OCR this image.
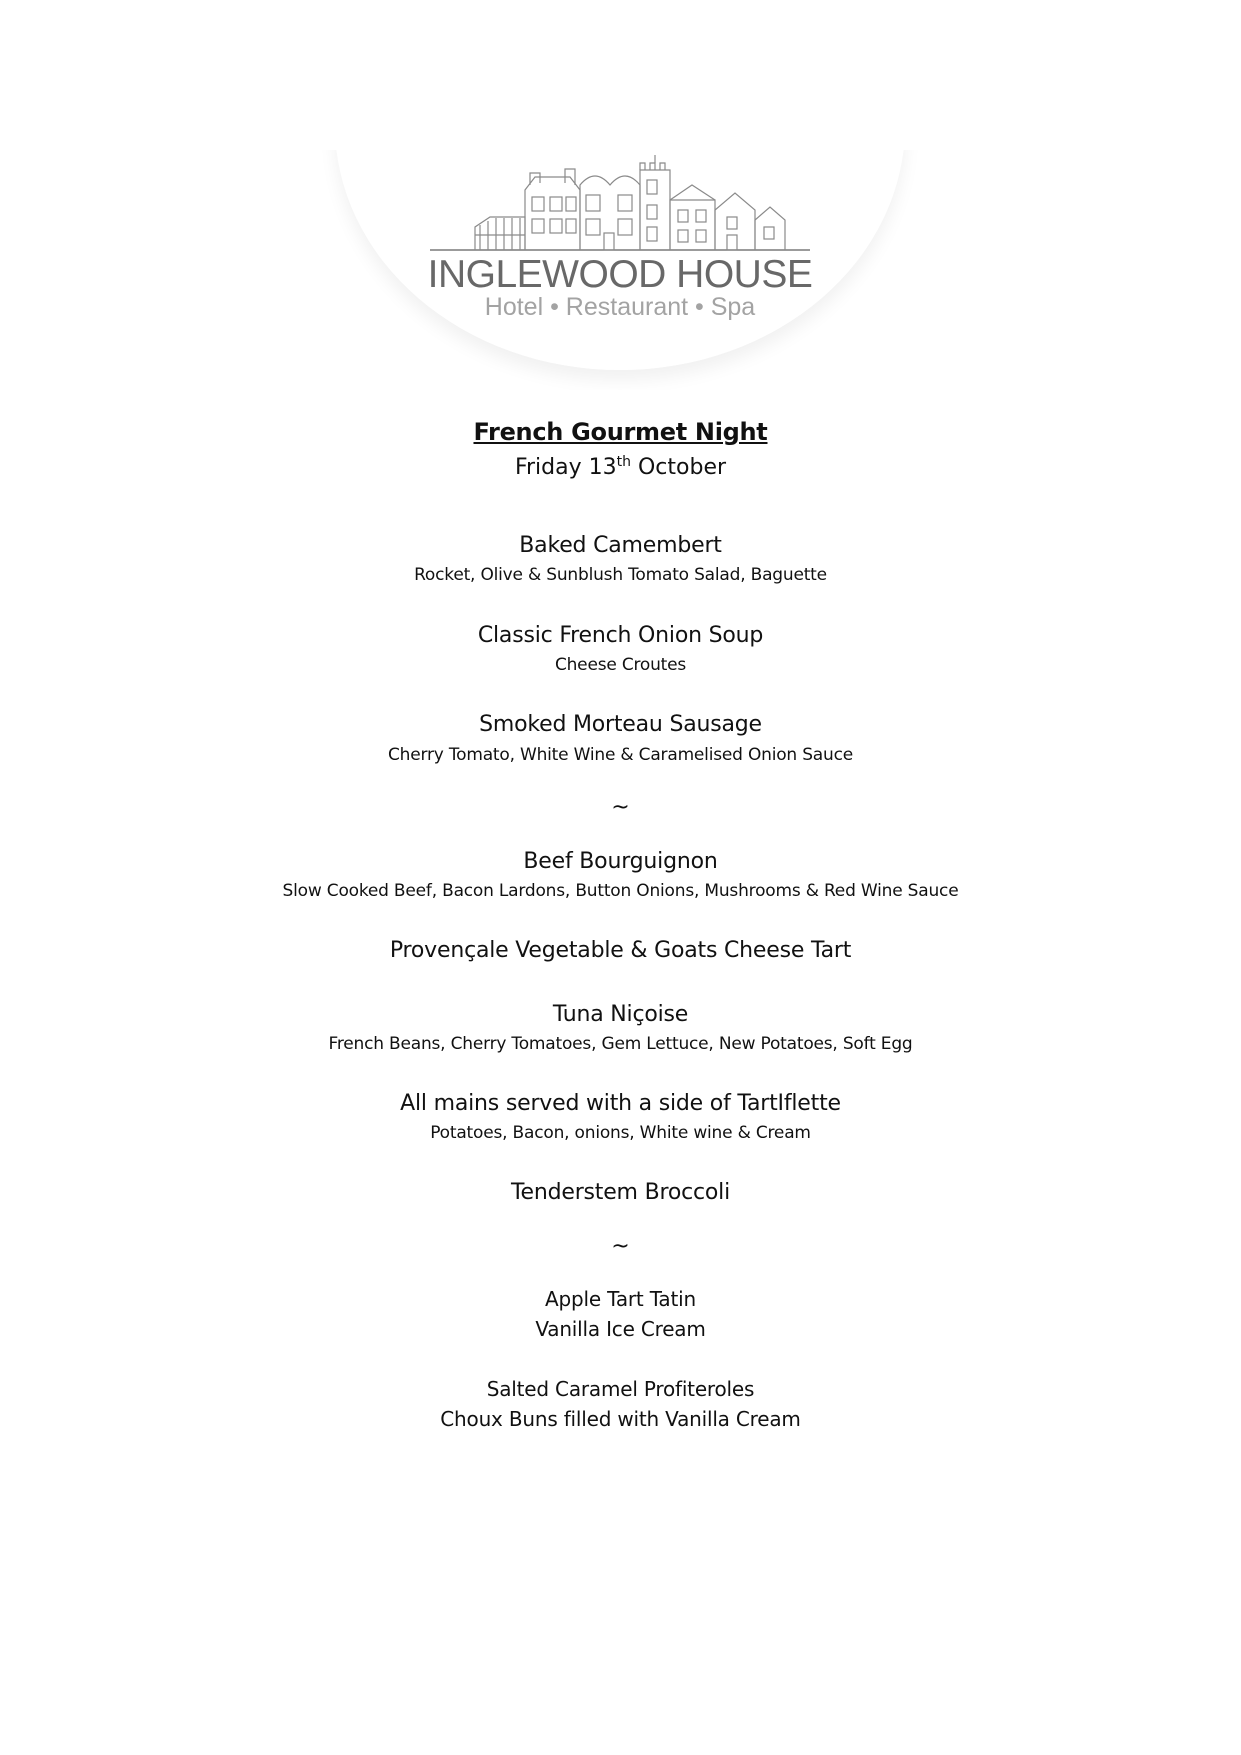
INGLEWOOD HOUSE
Hotel • Restaurant • Spa
French Gourmet Night
Friday 13th October
Baked Camembert
Rocket, Olive & Sunblush Tomato Salad, Baguette
Classic French Onion Soup
Cheese Croutes
Smoked Morteau Sausage
Cherry Tomato, White Wine & Caramelised Onion Sauce
~
Beef Bourguignon
Slow Cooked Beef, Bacon Lardons, Button Onions, Mushrooms & Red Wine Sauce
Provençale Vegetable & Goats Cheese Tart
Tuna Niçoise
French Beans, Cherry Tomatoes, Gem Lettuce, New Potatoes, Soft Egg
All mains served with a side of TartIflette
Potatoes, Bacon, onions, White wine & Cream
Tenderstem Broccoli
~
Apple Tart Tatin
Vanilla Ice Cream
Salted Caramel Profiteroles
Choux Buns filled with Vanilla Cream
